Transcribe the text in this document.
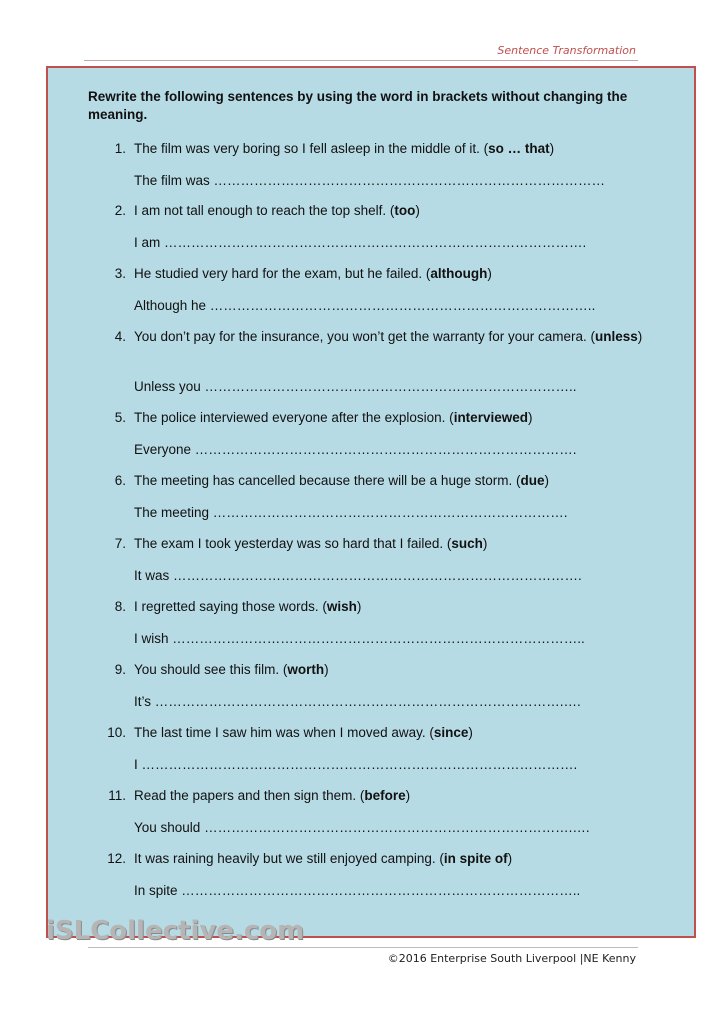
Sentence Transformation
Rewrite the following sentences by using the word in brackets without changing the meaning.
1. The film was very boring so I fell asleep in the middle of it. (so … that)
The film was ……………………………………………………………………………
2. I am not tall enough to reach the top shelf. (too)
I am ………………………………………………………………………………….
3. He studied very hard for the exam, but he failed. (although)
Although he …………………………………………………………………………..
4. You don’t pay for the insurance, you won’t get the warranty for your camera. (unless)
Unless you ………………………………………………………………………..
5. The police interviewed everyone after the explosion. (interviewed)
Everyone ………………………………………………………………………….
6. The meeting has cancelled because there will be a huge storm. (due)
The meeting …………………………………………………………………….
7. The exam I took yesterday was so hard that I failed. (such)
It was ……………………………………………………………………………….
8. I regretted saying those words. (wish)
I wish ………………………………………………………………………………..
9. You should see this film. (worth)
It’s ……………………………………………………………………………….….
10. The last time I saw him was when I moved away. (since)
I …………………………………………………………………………………….
11. Read the papers and then sign them. (before)
You should ……………………………………………………………………….….
12. It was raining heavily but we still enjoyed camping. (in spite of)
In spite ……………………………………………………………………………..
iSLCollective.com
©2016 Enterprise South Liverpool |NE Kenny
